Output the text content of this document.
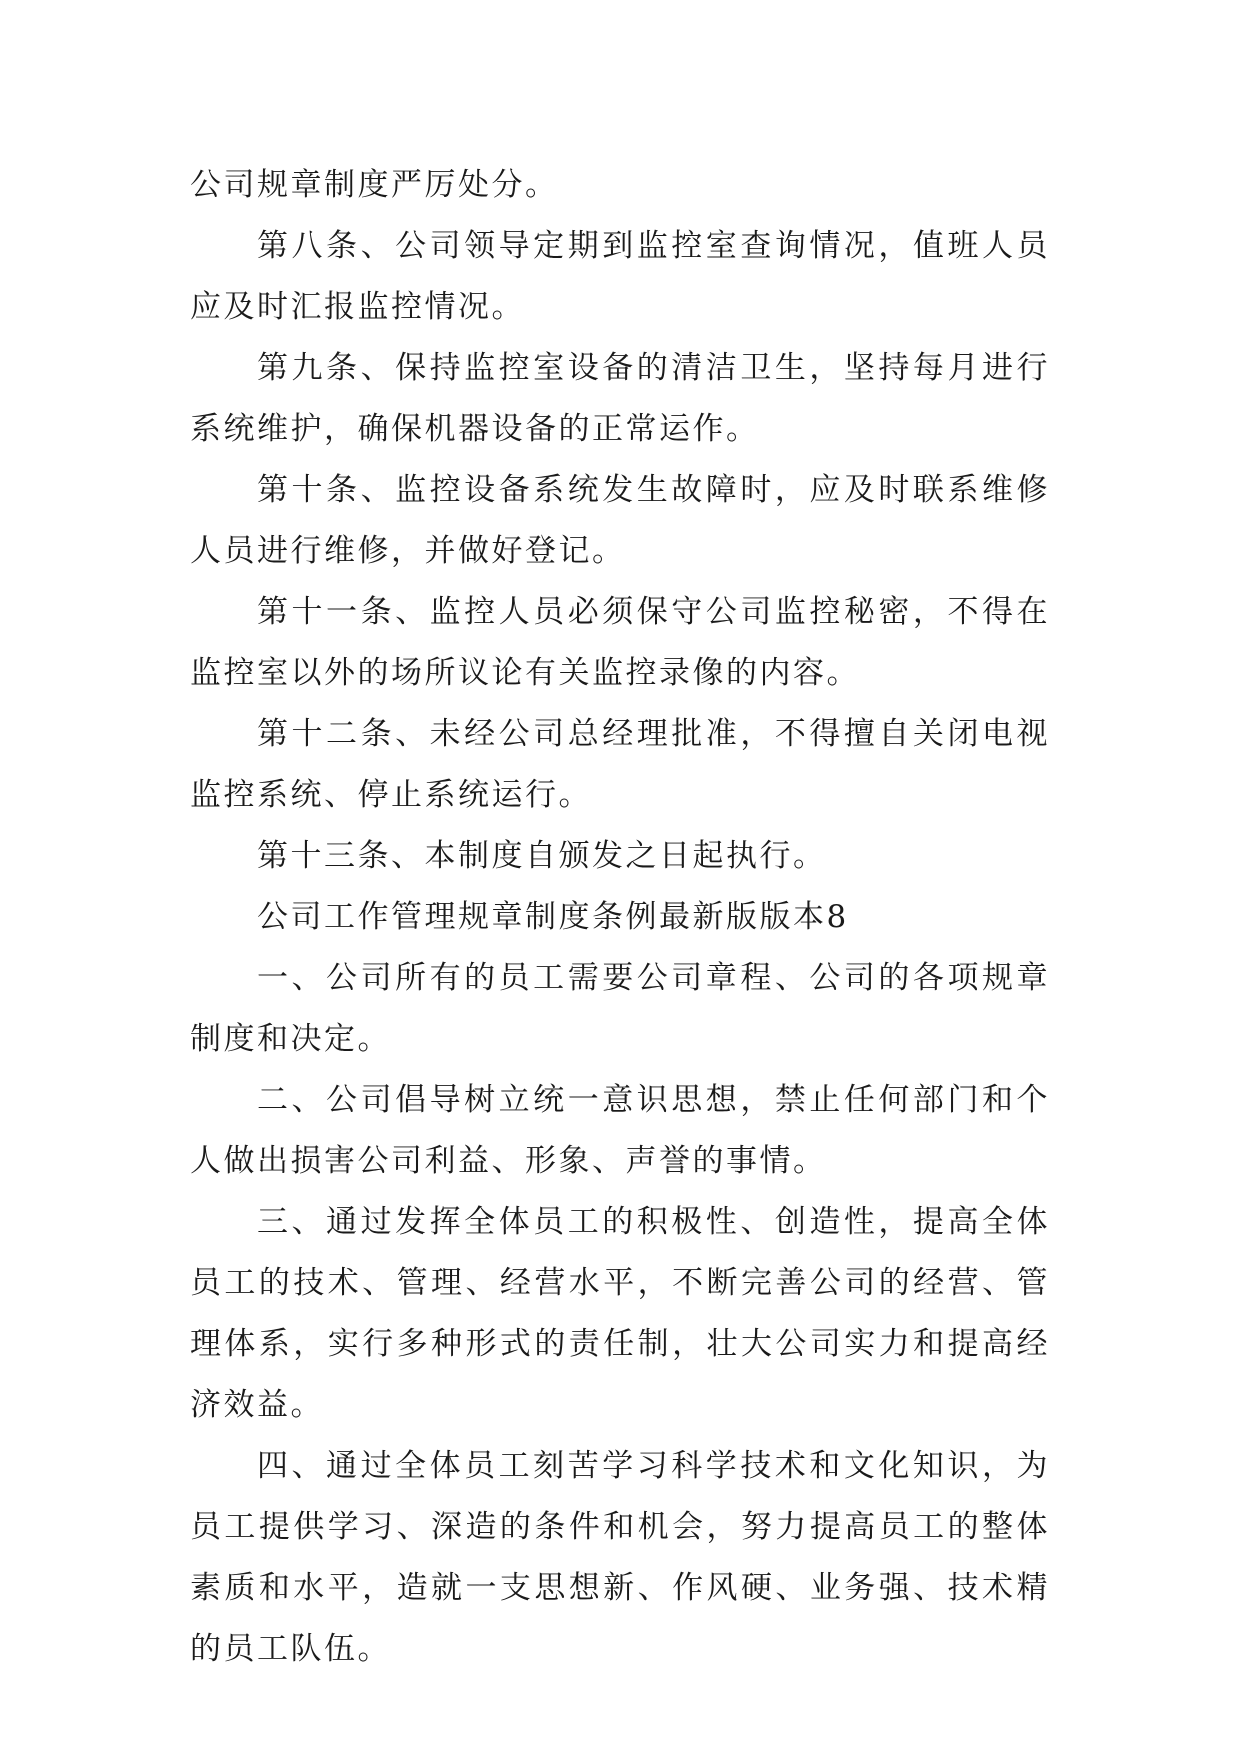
公司规章制度严厉处分。

第八条、公司领导定期到监控室查询情况，值班人员应及时汇报监控情况。

第九条、保持监控室设备的清洁卫生，坚持每月进行系统维护，确保机器设备的正常运作。

第十条、监控设备系统发生故障时，应及时联系维修人员进行维修，并做好登记。

第十一条、监控人员必须保守公司监控秘密，不得在监控室以外的场所议论有关监控录像的内容。

第十二条、未经公司总经理批准，不得擅自关闭电视监控系统、停止系统运行。

第十三条、本制度自颁发之日起执行。

公司工作管理规章制度条例最新版版本8

一、公司所有的员工需要公司章程、公司的各项规章制度和决定。

二、公司倡导树立统一意识思想，禁止任何部门和个人做出损害公司利益、形象、声誉的事情。

三、通过发挥全体员工的积极性、创造性，提高全体员工的技术、管理、经营水平，不断完善公司的经营、管理体系，实行多种形式的责任制，壮大公司实力和提高经济效益。

四、通过全体员工刻苦学习科学技术和文化知识，为员工提供学习、深造的条件和机会，努力提高员工的整体素质和水平，造就一支思想新、作风硬、业务强、技术精的员工队伍。
